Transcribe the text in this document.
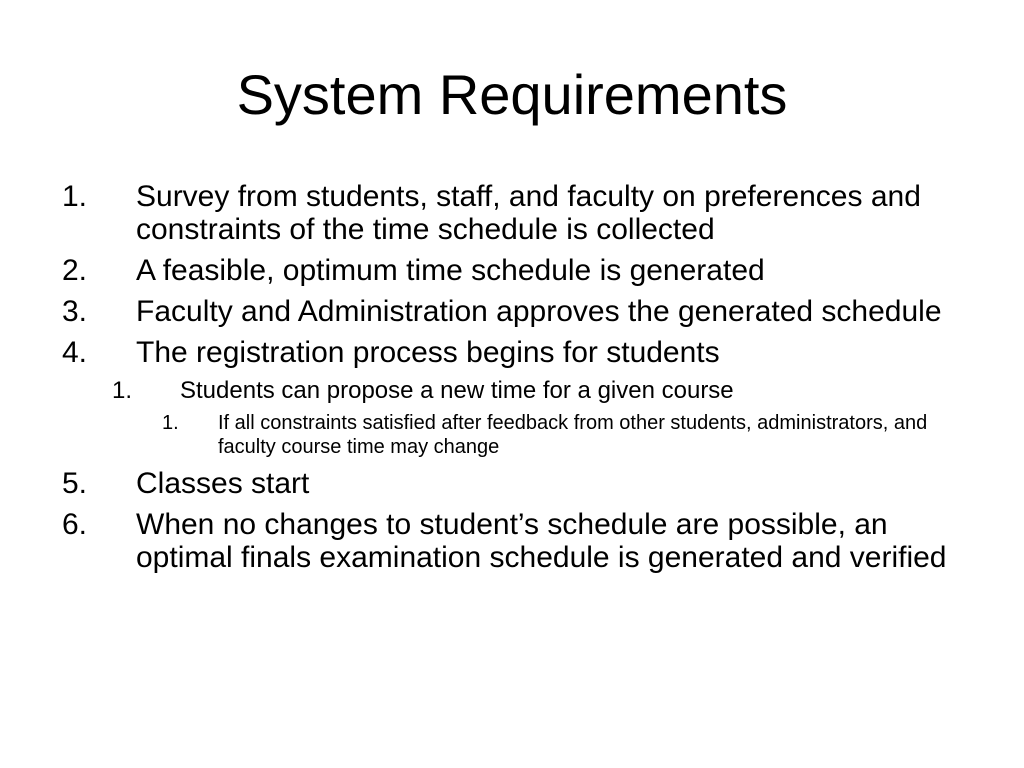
System Requirements
1. Survey from students, staff, and faculty on preferences and constraints of the time schedule is collected
2. A feasible, optimum time schedule is generated
3. Faculty and Administration approves the generated schedule
4. The registration process begins for students
1. Students can propose a new time for a given course
1. If all constraints satisfied after feedback from other students, administrators, and faculty course time may change
5. Classes start
6. When no changes to student’s schedule are possible, an optimal finals examination schedule is generated and verified
